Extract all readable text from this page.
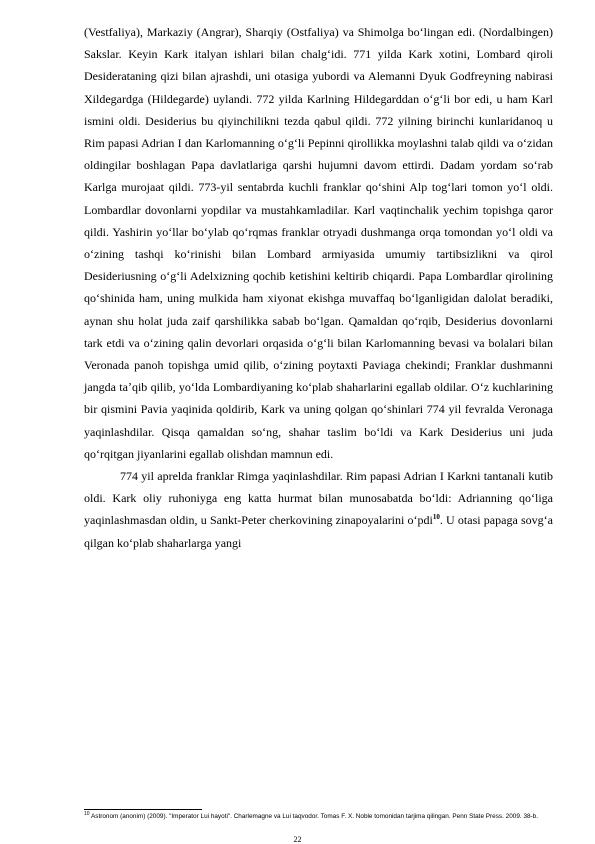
(Vestfaliya), Markaziy (Angrar), Sharqiy (Ostfaliya) va Shimolga boʻlingan edi. (Nordalbingen) Sakslar. Keyin Kark italyan ishlari bilan chalgʻidi. 771 yilda Kark xotini, Lombard qiroli Desideratаning qizi bilan ajrashdi, uni otasiga yubordi va Alemanni Dyuk Godfreyning nabirasi Xildegardga (Hildegarde) uylandi. 772 yilda Karlning Hildegarddan oʻgʻli bor edi, u ham Karl ismini oldi. Desiderius bu qiyinchilikni tezda qabul qildi. 772 yilning birinchi kunlaridanoq u Rim papasi Adrian I dan Karlomanning oʻgʻli Pepinni qirollikka moylashni talab qildi va oʻzidan oldingilar boshlagan Papa davlatlariga qarshi hujumni davom ettirdi. Dadam yordam soʻrab Karlga murojaat qildi. 773-yil sentabrda kuchli franklar qoʻshini Alp togʻlari tomon yoʻl oldi. Lombardlar dovonlarni yopdilar va mustahkamladilar. Karl vaqtinchalik yechim topishga qaror qildi. Yashirin yoʻllar boʻylab qoʻrqmas franklar otryadi dushmanga orqa tomondan yoʻl oldi va oʻzining tashqi koʻrinishi bilan Lombard armiyasida umumiy tartibsizlikni va qirol Desideriusning oʻgʻli Adelxizning qochib ketishini keltirib chiqardi. Papa Lombardlar qirolining qoʻshinida ham, uning mulkida ham xiyonat ekishga muvaffaq boʻlganligidan dalolat beradiki, aynan shu holat juda zaif qarshilikka sabab boʻlgan. Qamaldan qoʻrqib, Desiderius dovonlarni tark etdi va oʻzining qalin devorlari orqasida oʻgʻli bilan Karlomanning bevasi va bolalari bilan Veronada panoh topishga umid qilib, oʻzining poytaxti Paviaga chekindi; Franklar dushmanni jangda taʼqib qilib, yoʻlda Lombardiyaning koʻplab shaharlarini egallab oldilar. Oʻz kuchlarining bir qismini Pavia yaqinida qoldirib, Kark va uning qolgan qoʻshinlari 774 yil fevralda Veronaga yaqinlashdilar. Qisqa qamaldan soʻng, shahar taslim boʻldi va Kark Desiderius uni juda qoʻrqitgan jiyanlarini egallab olishdan mamnun edi.

774 yil aprelda franklar Rimga yaqinlashdilar. Rim papasi Adrian I Karkni tantanali kutib oldi. Kark oliy ruhoniyga eng katta hurmat bilan munosabatda boʻldi: Adrianning qoʻliga yaqinlashmasdan oldin, u Sankt-Peter cherkovining zinapoyalarini oʻpdi$^{10}$. U otasi papaga sovgʻa qilgan koʻplab shaharlarga yangi

$^{10}$ Astronom (anonim) (2009). "Imperator Lui hayoti". Charlemagne va Lui taqvodor. Tomas F. X. Noble tomonidan tarjima qilingan. Penn State Press. 2009. 38-b.

22
